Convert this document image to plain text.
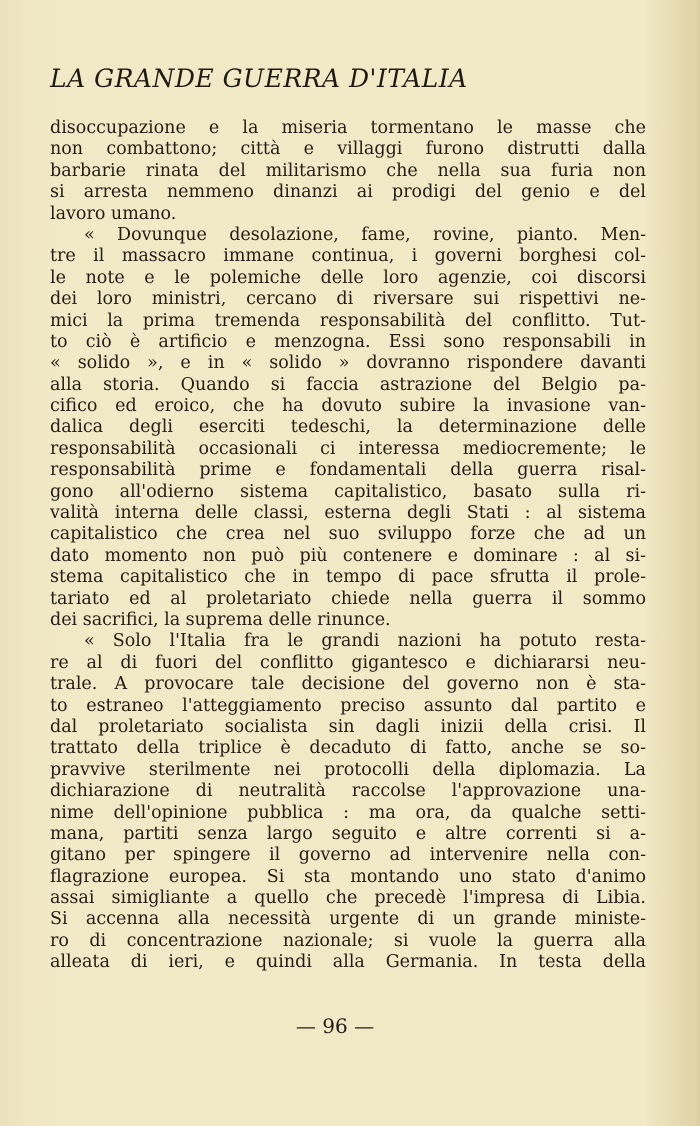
LA GRANDE GUERRA D'ITALIA
disoccupazione e la miseria tormentano le masse che
non combattono; città e villaggi furono distrutti dalla
barbarie rinata del militarismo che nella sua furia non
si arresta nemmeno dinanzi ai prodigi del genio e del
lavoro umano.
« Dovunque desolazione, fame, rovine, pianto. Men-
tre il massacro immane continua, i governi borghesi col-
le note e le polemiche delle loro agenzie, coi discorsi
dei loro ministri, cercano di riversare sui rispettivi ne-
mici la prima tremenda responsabilità del conflitto. Tut-
to ciò è artificio e menzogna. Essi sono responsabili in
« solido », e in « solido » dovranno rispondere davanti
alla storia. Quando si faccia astrazione del Belgio pa-
cifico ed eroico, che ha dovuto subire la invasione van-
dalica degli eserciti tedeschi, la determinazione delle
responsabilità occasionali ci interessa mediocremente; le
responsabilità prime e fondamentali della guerra risal-
gono all'odierno sistema capitalistico, basato sulla ri-
valità interna delle classi, esterna degli Stati : al sistema
capitalistico che crea nel suo sviluppo forze che ad un
dato momento non può più contenere e dominare : al si-
stema capitalistico che in tempo di pace sfrutta il prole-
tariato ed al proletariato chiede nella guerra il sommo
dei sacrifici, la suprema delle rinunce.
« Solo l'Italia fra le grandi nazioni ha potuto resta-
re al di fuori del conflitto gigantesco e dichiararsi neu-
trale. A provocare tale decisione del governo non è sta-
to estraneo l'atteggiamento preciso assunto dal partito e
dal proletariato socialista sin dagli inizii della crisi. Il
trattato della triplice è decaduto di fatto, anche se so-
pravvive sterilmente nei protocolli della diplomazia. La
dichiarazione di neutralità raccolse l'approvazione una-
nime dell'opinione pubblica : ma ora, da qualche setti-
mana, partiti senza largo seguito e altre correnti si a-
gitano per spingere il governo ad intervenire nella con-
flagrazione europea. Si sta montando uno stato d'animo
assai simigliante a quello che precedè l'impresa di Libia.
Si accenna alla necessità urgente di un grande ministe-
ro di concentrazione nazionale; si vuole la guerra alla
alleata di ieri, e quindi alla Germania. In testa della
— 96 —
